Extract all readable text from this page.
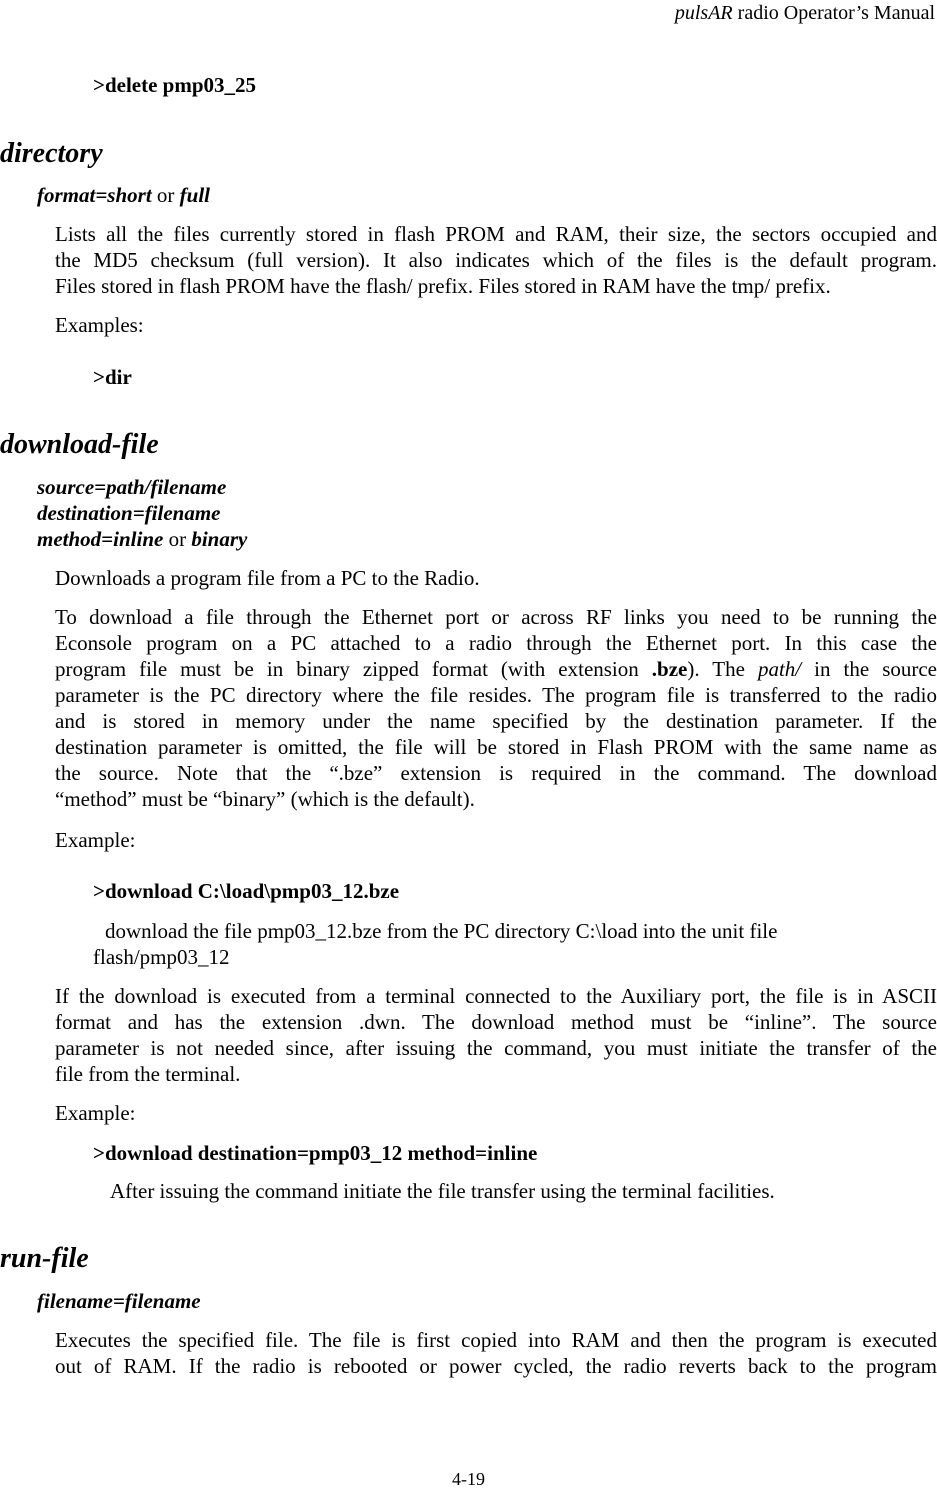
pulsAR radio Operator’s Manual
>delete pmp03_25
directory
format=short or full

Lists all the files currently stored in flash PROM and RAM, their size, the sectors occupied and

the MD5 checksum (full version). It also indicates which of the files is the default program.

Files stored in flash PROM have the flash/ prefix. Files stored in RAM have the tmp/ prefix.

Examples:
>dir
download-file
source=path/filename
destination=filename
method=inline or binary
Downloads a program file from a PC to the Radio.

To download a file through the Ethernet port or across RF links you need to be running the

Econsole program on a PC attached to a radio through the Ethernet port. In this case the

program file must be in binary zipped format (with extension .bze). The path/ in the source

parameter is the PC directory where the file resides. The program file is transferred to the radio

and is stored in memory under the name specified by the destination parameter. If the

destination parameter is omitted, the file will be stored in Flash PROM with the same name as

the source. Note that the “.bze” extension is required in the command. The download

“method” must be “binary” (which is the default).

Example:
>download C:\load\pmp03_12.bze
download the file pmp03_12.bze from the PC directory C:\load into the unit file
flash/pmp03_12

If the download is executed from a terminal connected to the Auxiliary port, the file is in ASCII

format and has the extension .dwn. The download method must be “inline”. The source

parameter is not needed since, after issuing the command, you must initiate the transfer of the

file from the terminal.

Example:
>download destination=pmp03_12 method=inline
After issuing the command initiate the file transfer using the terminal facilities.
run-file
filename=filename

Executes the specified file. The file is first copied into RAM and then the program is executed

out of RAM. If the radio is rebooted or power cycled, the radio reverts back to the program

4-19
